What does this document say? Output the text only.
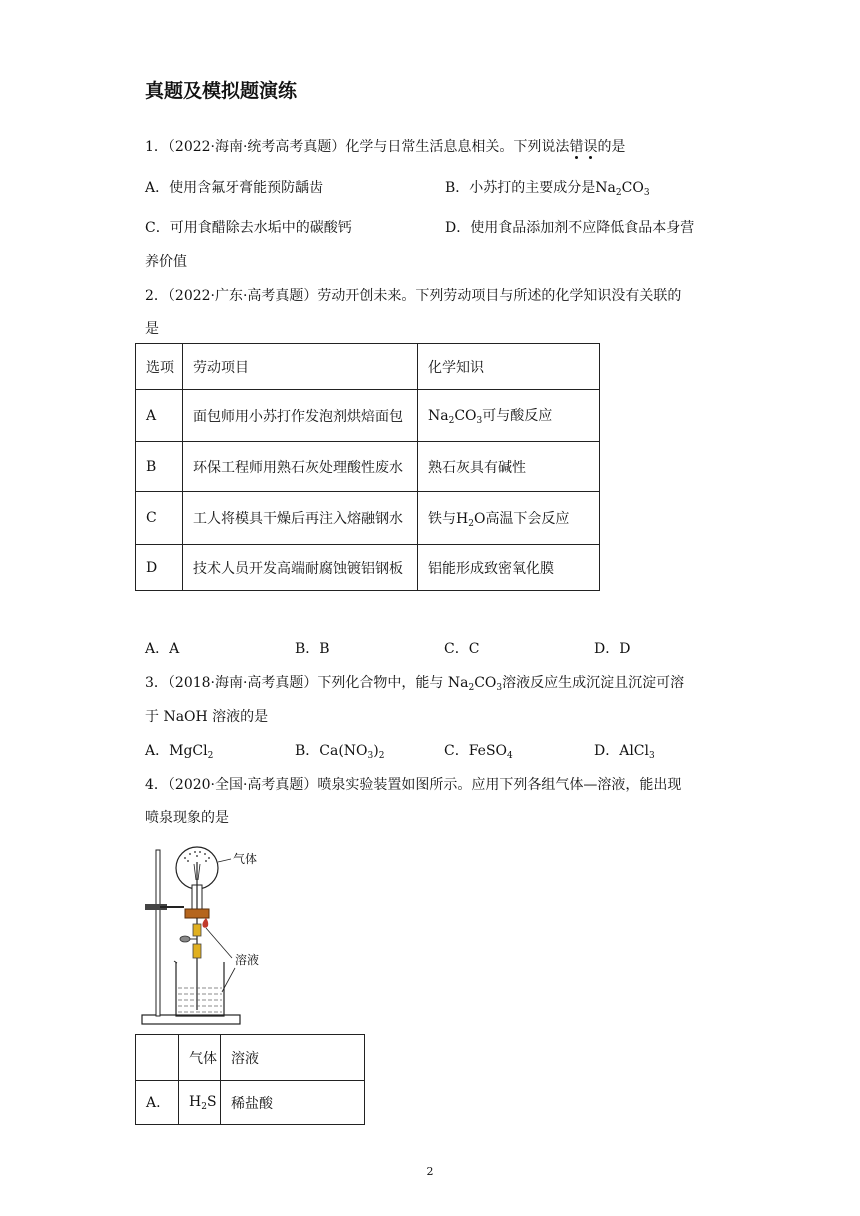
真题及模拟题演练
1．（2022·海南·统考高考真题）化学与日常生活息息相关。下列说法错
误
的是
A．使用含氟牙膏能预防龋齿	B．小苏打的主要成分是$Na_2CO_3$
C．可用食醋除去水垢中的碳酸钙	D．使用食品添加剂不应降低食品本身营
养价值
2．（2022·广东·高考真题）劳动开创未来。下列劳动项目与所述的化学知识没有关联的
是
选项	劳动项目	化学知识
A	面包师用小苏打作发泡剂烘焙面包	$Na_2CO_3$可与酸反应
B	环保工程师用熟石灰处理酸性废水	熟石灰具有碱性
C	工人将模具干燥后再注入熔融钢水	铁与$H_2O$高温下会反应
D	技术人员开发高端耐腐蚀镀铝钢板	铝能形成致密氧化膜
A．A	B．B	C．C	D．D
3．（2018·海南·高考真题）下列化合物中，能与 $Na_2CO_3$溶液反应生成沉淀且沉淀可溶
于 NaOH 溶液的是
A．MgCl$_2$	B．$Ca(NO_3)_2$	C．FeSO$_4$	D．AlCl$_3$
4．（2020·全国·高考真题）喷泉实验装置如图所示。应用下列各组气体—溶液，能出现
喷泉现象的是
气体
溶液
	气体	溶液
A.	$H_2S$	稀盐酸
2
